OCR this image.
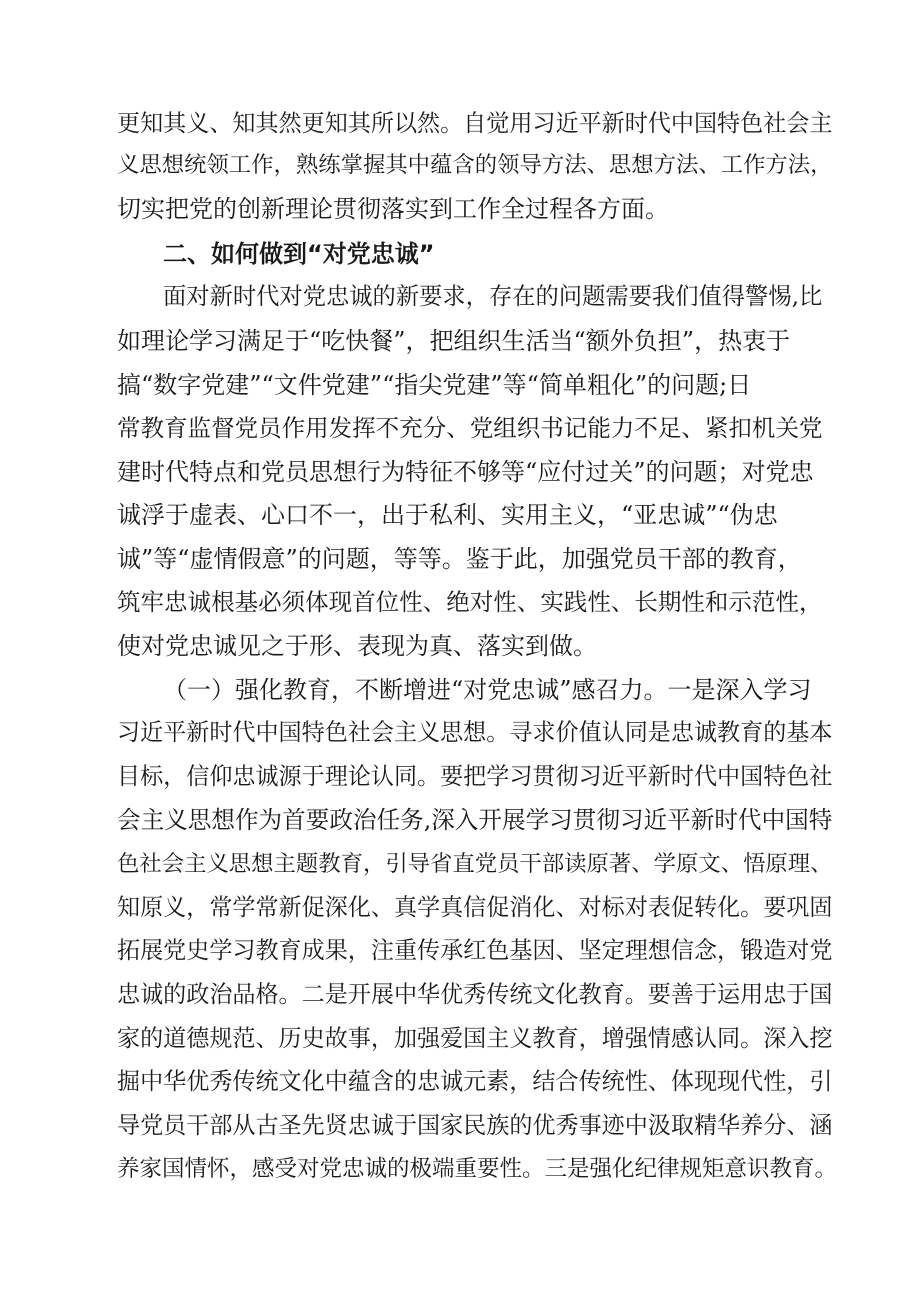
更知其义、知其然更知其所以然。自觉用习近平新时代中国特色社会主

义思想统领工作，熟练掌握其中蕴含的领导方法、思想方法、工作方法，

切实把党的创新理论贯彻落实到工作全过程各方面。

二、如何做到“对党忠诚”

面对新时代对党忠诚的新要求，存在的问题需要我们值得警惕,比

如理论学习满足于“吃快餐”，把组织生活当“额外负担”，热衷于

搞“数字党建”“文件党建”“指尖党建”等“简单粗化”的问题;日

常教育监督党员作用发挥不充分、党组织书记能力不足、紧扣机关党

建时代特点和党员思想行为特征不够等“应付过关”的问题；对党忠

诚浮于虚表、心口不一，出于私利、实用主义，“亚忠诚”“伪忠

诚”等“虚情假意”的问题，等等。鉴于此，加强党员干部的教育，

筑牢忠诚根基必须体现首位性、绝对性、实践性、长期性和示范性，

使对党忠诚见之于形、表现为真、落实到做。

（一）强化教育，不断增进“对党忠诚”感召力。一是深入学习

习近平新时代中国特色社会主义思想。寻求价值认同是忠诚教育的基本

目标，信仰忠诚源于理论认同。要把学习贯彻习近平新时代中国特色社

会主义思想作为首要政治任务,深入开展学习贯彻习近平新时代中国特

色社会主义思想主题教育，引导省直党员干部读原著、学原文、悟原理、

知原义，常学常新促深化、真学真信促消化、对标对表促转化。要巩固

拓展党史学习教育成果，注重传承红色基因、坚定理想信念，锻造对党

忠诚的政治品格。二是开展中华优秀传统文化教育。要善于运用忠于国

家的道德规范、历史故事，加强爱国主义教育，增强情感认同。深入挖

掘中华优秀传统文化中蕴含的忠诚元素，结合传统性、体现现代性，引

导党员干部从古圣先贤忠诚于国家民族的优秀事迹中汲取精华养分、涵

养家国情怀，感受对党忠诚的极端重要性。三是强化纪律规矩意识教育。
